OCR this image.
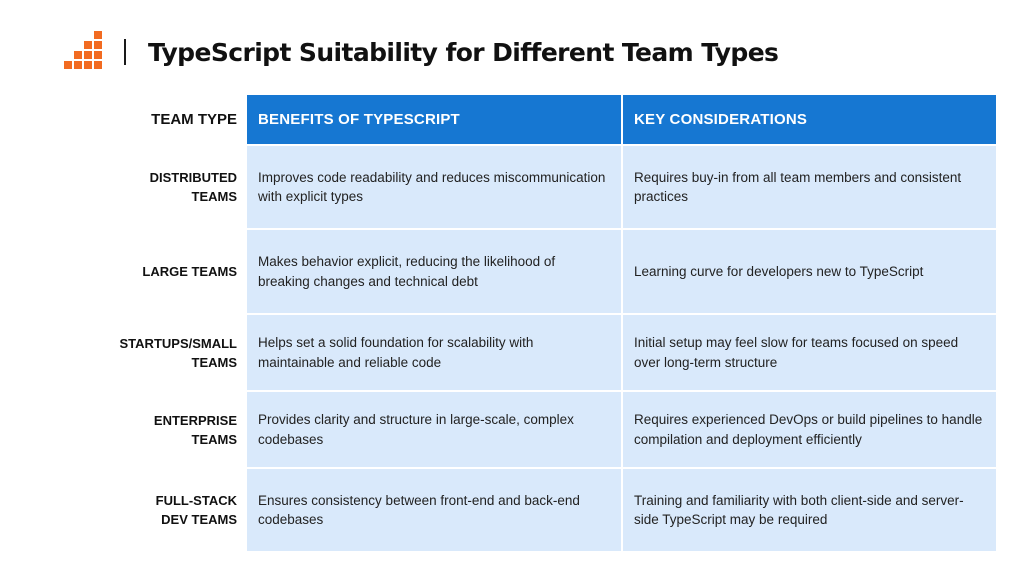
TypeScript Suitability for Different Team Types
TEAM TYPE	BENEFITS OF TYPESCRIPT	KEY CONSIDERATIONS
DISTRIBUTED TEAMS
Improves code readability and reduces miscommunication with explicit types
Requires buy-in from all team members and consistent practices
LARGE TEAMS
Makes behavior explicit, reducing the likelihood of breaking changes and technical debt
Learning curve for developers new to TypeScript
STARTUPS/SMALL TEAMS
Helps set a solid foundation for scalability with maintainable and reliable code
Initial setup may feel slow for teams focused on speed over long-term structure
ENTERPRISE TEAMS
Provides clarity and structure in large-scale, complex codebases
Requires experienced DevOps or build pipelines to handle compilation and deployment efficiently
FULL-STACK DEV TEAMS
Ensures consistency between front-end and back-end codebases
Training and familiarity with both client-side and server-side TypeScript may be required
